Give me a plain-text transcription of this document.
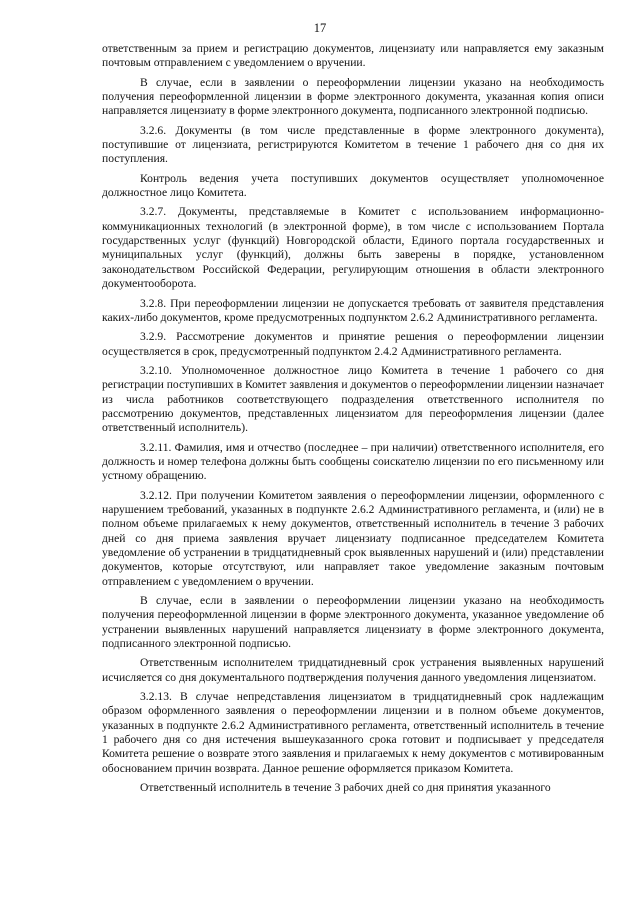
17

ответственным за прием и регистрацию документов, лицензиату или направляется ему заказным почтовым отправлением с уведомлением о вручении.

В случае, если в заявлении о переоформлении лицензии указано на необходимость получения переоформленной лицензии в форме электронного документа, указанная копия описи направляется лицензиату в форме электронного документа, подписанного электронной подписью.

3.2.6. Документы (в том числе представленные в форме электронного документа), поступившие от лицензиата, регистрируются Комитетом в течение 1 рабочего дня со дня их поступления.

Контроль ведения учета поступивших документов осуществляет уполномоченное должностное лицо Комитета.

3.2.7. Документы, представляемые в Комитет с использованием информационно-коммуникационных технологий (в электронной форме), в том числе с использованием Портала государственных услуг (функций) Новгородской области, Единого портала государственных и муниципальных услуг (функций), должны быть заверены в порядке, установленном законодательством Российской Федерации, регулирующим отношения в области электронного документооборота.

3.2.8. При переоформлении лицензии не допускается требовать от заявителя представления каких-либо документов, кроме предусмотренных подпунктом 2.6.2 Административного регламента.

3.2.9. Рассмотрение документов и принятие решения о переоформлении лицензии осуществляется в срок, предусмотренный подпунктом 2.4.2 Административного регламента.

3.2.10. Уполномоченное должностное лицо Комитета в течение 1 рабочего со дня регистрации поступивших в Комитет заявления и документов о переоформлении лицензии назначает из числа работников соответствующего подразделения ответственного исполнителя по рассмотрению документов, представленных лицензиатом для переоформления лицензии (далее ответственный исполнитель).

3.2.11. Фамилия, имя и отчество (последнее – при наличии) ответственного исполнителя, его должность и номер телефона должны быть сообщены соискателю лицензии по его письменному или устному обращению.

3.2.12. При получении Комитетом заявления о переоформлении лицензии, оформленного с нарушением требований, указанных в подпункте 2.6.2 Административного регламента, и (или) не в полном объеме прилагаемых к нему документов, ответственный исполнитель в течение 3 рабочих дней со дня приема заявления вручает лицензиату подписанное председателем Комитета уведомление об устранении в тридцатидневный срок выявленных нарушений и (или) представлении документов, которые отсутствуют, или направляет такое уведомление заказным почтовым отправлением с уведомлением о вручении.

В случае, если в заявлении о переоформлении лицензии указано на необходимость получения переоформленной лицензии в форме электронного документа, указанное уведомление об устранении выявленных нарушений направляется лицензиату в форме электронного документа, подписанного электронной подписью.

Ответственным исполнителем тридцатидневный срок устранения выявленных нарушений исчисляется со дня документального подтверждения получения данного уведомления лицензиатом.

3.2.13. В случае непредставления лицензиатом в тридцатидневный срок надлежащим образом оформленного заявления о переоформлении лицензии и в полном объеме документов, указанных в подпункте 2.6.2 Административного регламента, ответственный исполнитель в течение 1 рабочего дня со дня истечения вышеуказанного срока готовит и подписывает у председателя Комитета решение о возврате этого заявления и прилагаемых к нему документов с мотивированным обоснованием причин возврата. Данное решение оформляется приказом Комитета.

Ответственный исполнитель в течение 3 рабочих дней со дня принятия указанного
